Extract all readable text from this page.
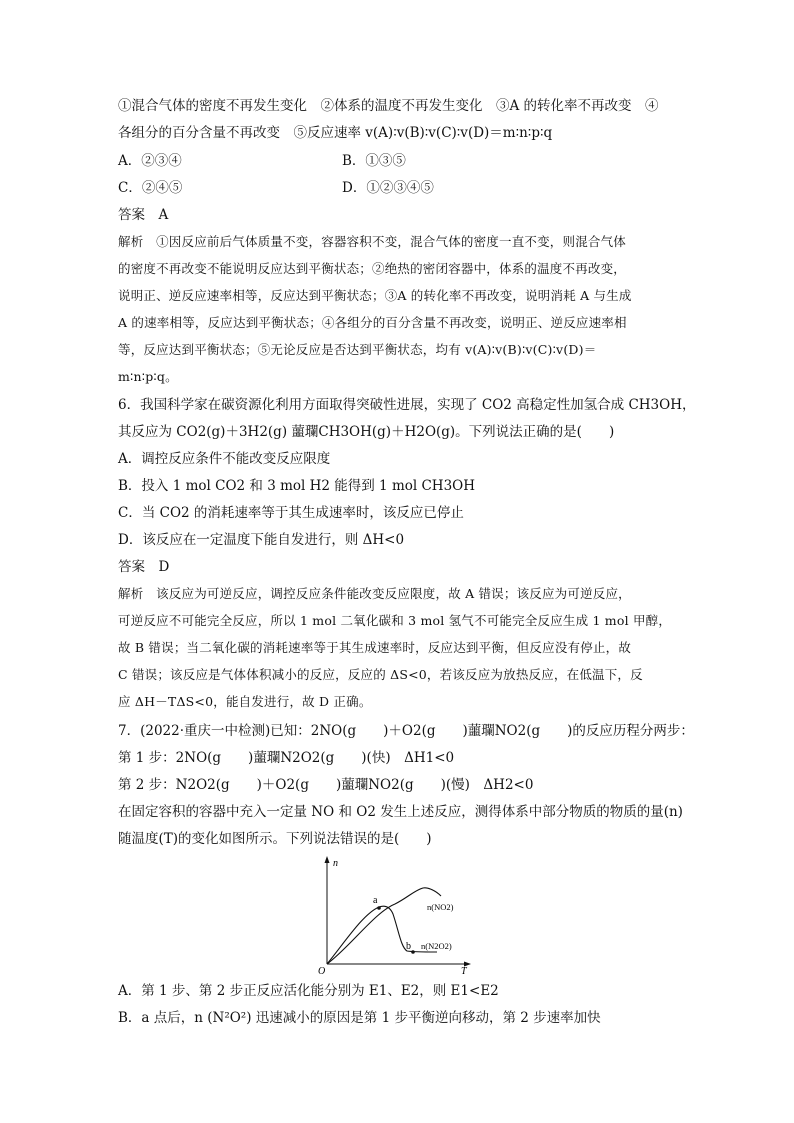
①混合气体的密度不再发生变化　②体系的温度不再发生变化　③A 的转化率不再改变　④
各组分的百分含量不再改变　⑤反应速率 v(A)∶v(B)∶v(C)∶v(D)＝m∶n∶p∶q
A．②③④	B．①③⑤
C．②④⑤	D．①②③④⑤
答案　A
解析　①因反应前后气体质量不变，容器容积不变，混合气体的密度一直不变，则混合气体
的密度不再改变不能说明反应达到平衡状态；②绝热的密闭容器中，体系的温度不再改变，
说明正、逆反应速率相等，反应达到平衡状态；③A 的转化率不再改变，说明消耗 A 与生成
A 的速率相等，反应达到平衡状态；④各组分的百分含量不再改变，说明正、逆反应速率相
等，反应达到平衡状态；⑤无论反应是否达到平衡状态，均有 v(A)∶v(B)∶v(C)∶v(D)＝
m∶n∶p∶q。
6．我国科学家在碳资源化利用方面取得突破性进展，实现了 CO2 高稳定性加氢合成 CH3OH，
其反应为 CO2(g)＋3H2(g) 蘁瓓CH3OH(g)＋H2O(g)。下列说法正确的是(　　)
A．调控反应条件不能改变反应限度
B．投入 1 mol CO2 和 3 mol H2 能得到 1 mol CH3OH
C．当 CO2 的消耗速率等于其生成速率时，该反应已停止
D．该反应在一定温度下能自发进行，则 ΔH<0
答案　D
解析　该反应为可逆反应，调控反应条件能改变反应限度，故 A 错误；该反应为可逆反应，
可逆反应不可能完全反应，所以 1 mol 二氧化碳和 3 mol 氢气不可能完全反应生成 1 mol 甲醇，
故 B 错误；当二氧化碳的消耗速率等于其生成速率时，反应达到平衡，但反应没有停止，故
C 错误；该反应是气体体积减小的反应，反应的 ΔS<0，若该反应为放热反应，在低温下，反
应 ΔH－TΔS<0，能自发进行，故 D 正确。
7．(2022·重庆一中检测)已知：2NO(g　　)＋O2(g　　)蘁瓓NO2(g　　)的反应历程分两步：
第 1 步：2NO(g　　)蘁瓓N2O2(g　　)(快)　ΔH1<0
第 2 步：N2O2(g　　)＋O2(g　　)蘁瓓NO2(g　　)(慢)　ΔH2<0
在固定容积的容器中充入一定量 NO 和 O2 发生上述反应，测得体系中部分物质的物质的量(n)
随温度(T)的变化如图所示。下列说法错误的是(　　)
n
T
O
a
b
n(NO2)
n(N2O2)
A．第 1 步、第 2 步正反应活化能分别为 E1、E2，则 E1<E2
B．a 点后，n (N²O²) 迅速减小的原因是第 1 步平衡逆向移动，第 2 步速率加快
